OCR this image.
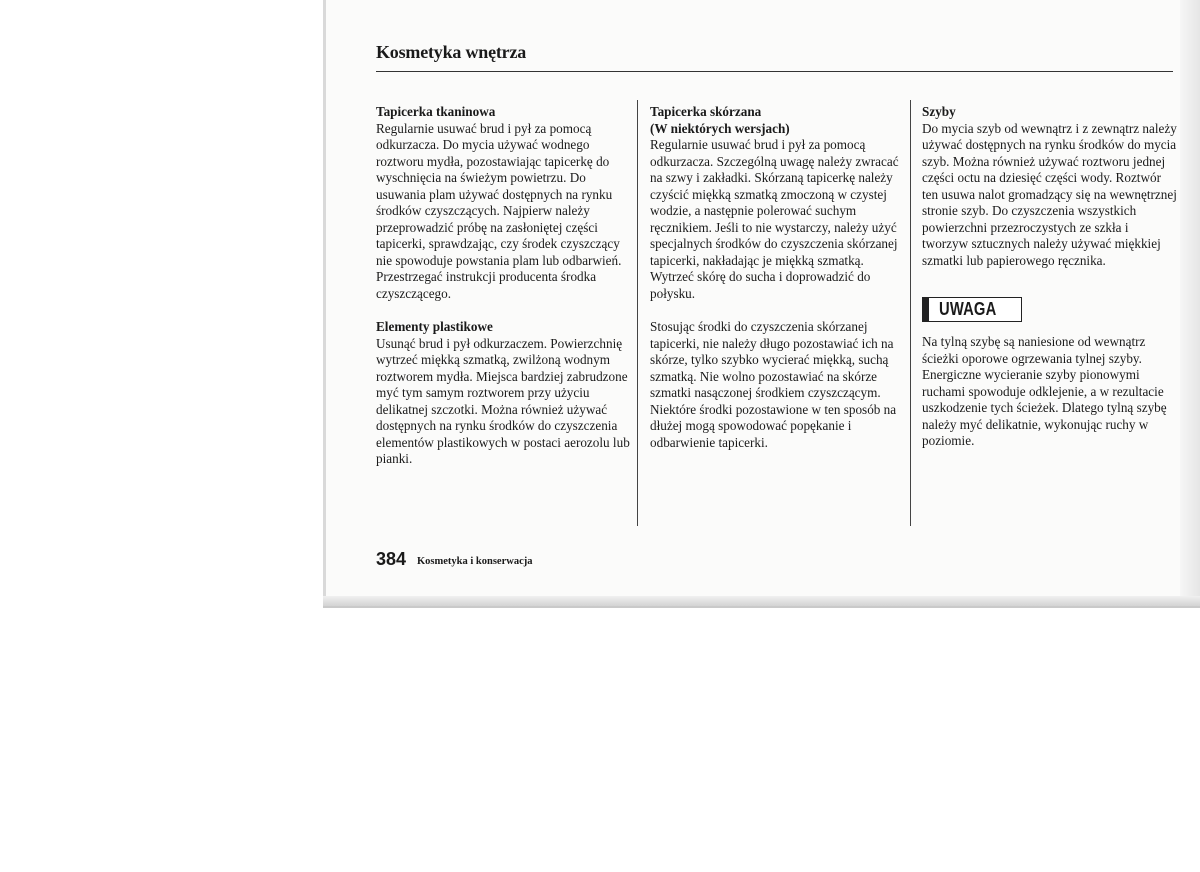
Kosmetyka wnętrza
Tapicerka tkaninowa
Regularnie usuwać brud i pył za pomocą odkurzacza. Do mycia używać wodnego roztworu mydła, pozostawiając tapicerkę do wyschnięcia na świeżym powietrzu. Do usuwania plam używać dostępnych na rynku środków czyszczących. Najpierw należy przeprowadzić próbę na zasłoniętej części tapicerki, sprawdzając, czy środek czyszczący nie spowoduje powstania plam lub odbarwień. Przestrzegać instrukcji producenta środka czyszczącego.
Elementy plastikowe
Usunąć brud i pył odkurzaczem. Powierzchnię wytrzeć miękką szmatką, zwilżoną wodnym roztworem mydła. Miejsca bardziej zabrudzone myć tym samym roztworem przy użyciu delikatnej szczotki. Można również używać dostępnych na rynku środków do czyszczenia elementów plastikowych w postaci aerozolu lub pianki.
Tapicerka skórzana
(W niektórych wersjach)
Regularnie usuwać brud i pył za pomocą odkurzacza. Szczególną uwagę należy zwracać na szwy i zakładki. Skórzaną tapicerkę należy czyścić miękką szmatką zmoczoną w czystej wodzie, a następnie polerować suchym ręcznikiem. Jeśli to nie wystarczy, należy użyć specjalnych środków do czyszczenia skórzanej tapicerki, nakładając je miękką szmatką. Wytrzeć skórę do sucha i doprowadzić do połysku.
Stosując środki do czyszczenia skórzanej tapicerki, nie należy długo pozostawiać ich na skórze, tylko szybko wycierać miękką, suchą szmatką. Nie wolno pozostawiać na skórze szmatki nasączonej środkiem czyszczącym. Niektóre środki pozostawione w ten sposób na dłużej mogą spowodować popękanie i odbarwienie tapicerki.
Szyby
Do mycia szyb od wewnątrz i z zewnątrz należy używać dostępnych na rynku środków do mycia szyb. Można również używać roztworu jednej części octu na dziesięć części wody. Roztwór ten usuwa nalot gromadzący się na wewnętrznej stronie szyb. Do czyszczenia wszystkich powierzchni przezroczystych ze szkła i tworzyw sztucznych należy używać miękkiej szmatki lub papierowego ręcznika.
UWAGA
Na tylną szybę są naniesione od wewnątrz ścieżki oporowe ogrzewania tylnej szyby. Energiczne wycieranie szyby pionowymi ruchami spowoduje odklejenie, a w rezultacie uszkodzenie tych ścieżek. Dlatego tylną szybę należy myć delikatnie, wykonując ruchy w poziomie.
384 Kosmetyka i konserwacja
